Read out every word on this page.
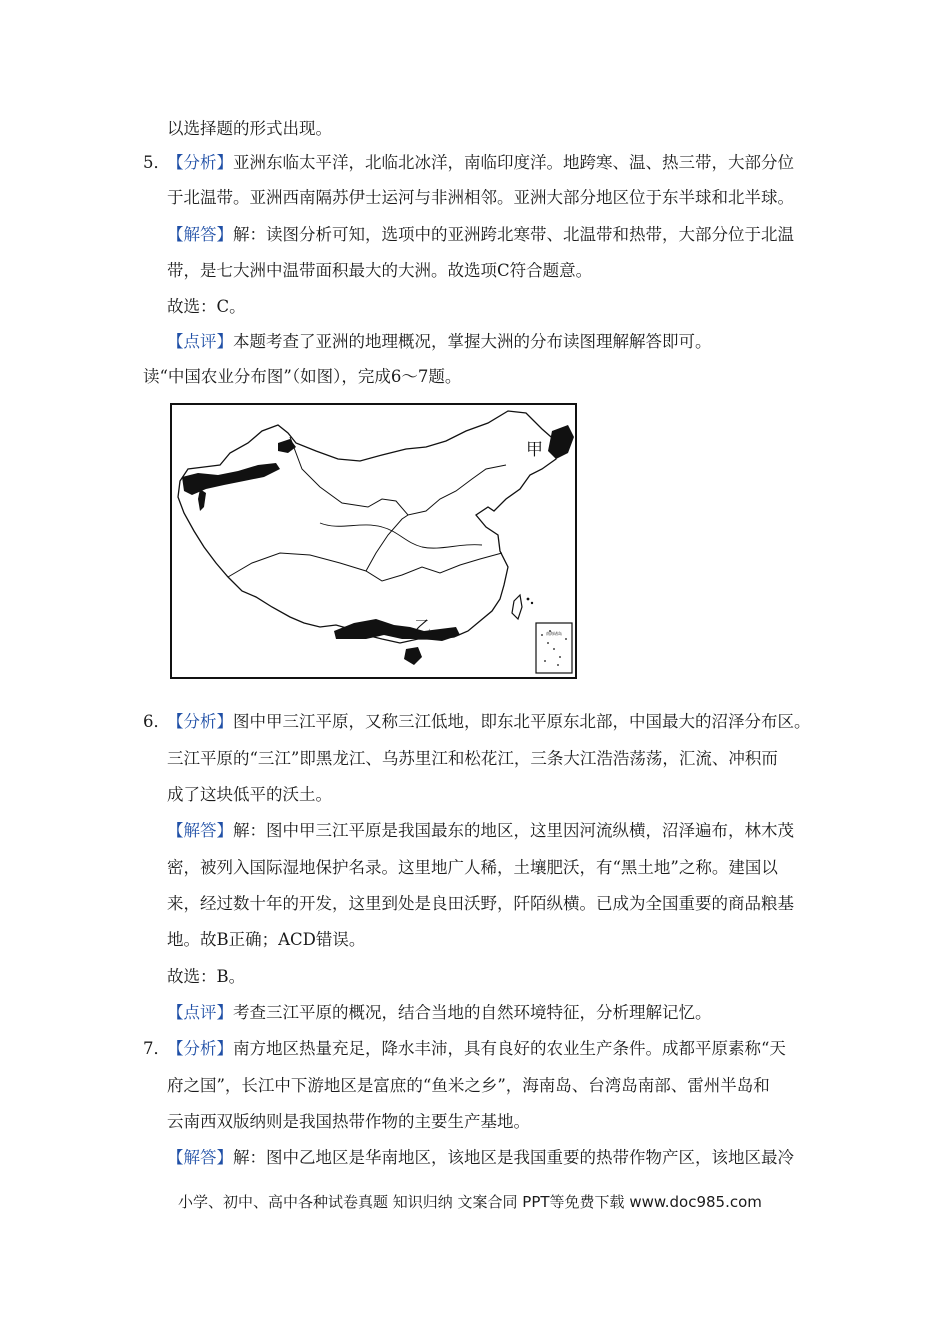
以选择题的形式出现。
5．【分析】亚洲东临太平洋，北临北冰洋，南临印度洋。地跨寒、温、热三带，大部分位
于北温带。亚洲西南隔苏伊士运河与非洲相邻。亚洲大部分地区位于东半球和北半球。
【解答】解：读图分析可知，选项中的亚洲跨北寒带、北温带和热带，大部分位于北温
带，是七大洲中温带面积最大的大洲。故选项C符合题意。
故选：C。
【点评】本题考查了亚洲的地理概况，掌握大洲的分布读图理解解答即可。
读“中国农业分布图”（如图），完成6～7题。
南海诸岛
甲
乙
6．【分析】图中甲三江平原，又称三江低地，即东北平原东北部，中国最大的沼泽分布区。
三江平原的“三江”即黑龙江、乌苏里江和松花江，三条大江浩浩荡荡，汇流、冲积而
成了这块低平的沃土。
【解答】解：图中甲三江平原是我国最东的地区，这里因河流纵横，沼泽遍布，林木茂
密，被列入国际湿地保护名录。这里地广人稀，土壤肥沃，有“黑土地”之称。建国以
来，经过数十年的开发，这里到处是良田沃野，阡陌纵横。已成为全国重要的商品粮基
地。故B正确；ACD错误。
故选：B。
【点评】考查三江平原的概况，结合当地的自然环境特征，分析理解记忆。
7．【分析】南方地区热量充足，降水丰沛，具有良好的农业生产条件。成都平原素称“天
府之国”，长江中下游地区是富庶的“鱼米之乡”，海南岛、台湾岛南部、雷州半岛和
云南西双版纳则是我国热带作物的主要生产基地。
【解答】解：图中乙地区是华南地区，该地区是我国重要的热带作物产区，该地区最冷
小学、初中、高中各种试卷真题 知识归纳 文案合同 PPT等免费下载 www.doc985.com
